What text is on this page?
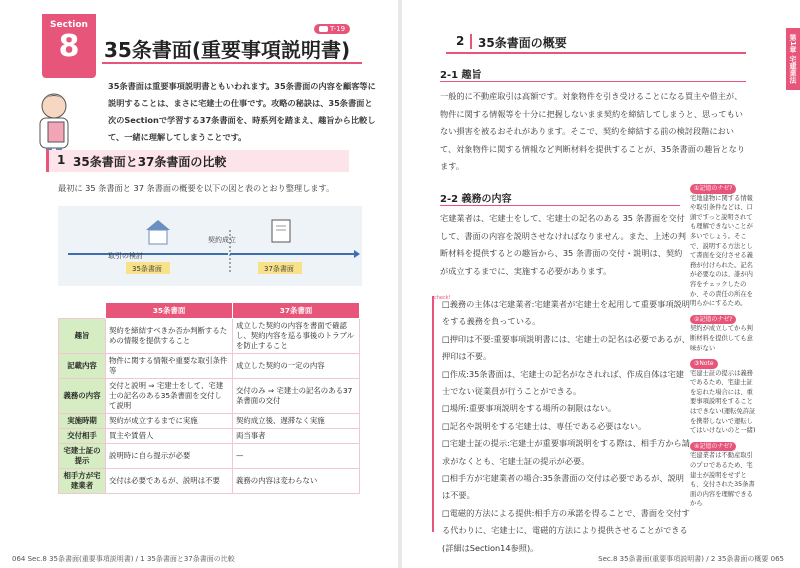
Section
8	35条書面(重要事項説明書)
T-19
35条書面は重要事項説明書ともいわれます。35条書面の内容を顧客等に説明することは、まさに宅建士の仕事です。攻略の秘訣は、35条書面と次のSectionで学習する37条書面を、時系列を踏まえ、趣旨から比較して、一緒に理解してしまうことです。
1 35条書面と37条書面の比較
最初に 35 条書面と 37 条書面の概要を以下の図と表のとおり整理します。
契約成立
取引の検討
35条書面	37条書面
	35条書面	37条書面
趣旨	契約を締結すべきか否か判断するための情報を提供すること	成立した契約の内容を書面で確認し、契約内容を巡る事後のトラブルを防止すること
記載内容	物件に関する情報や重要な取引条件等	成立した契約の一定の内容
義務の内容	交付と説明 ⇒ 宅建士をして、宅建士の記名のある35条書面を交付して説明	交付のみ ⇒ 宅建士の記名のある37条書面の交付
実施時期	契約が成立するまでに実施	契約成立後、遅滞なく実施
交付相手	買主や賃借人	両当事者
宅建士証の提示	説明時に自ら提示が必要	—
相手方が宅建業者	交付は必要であるが、説明は不要	義務の内容は変わらない
064 Sec.8 35条書面(重要事項説明書) / 1 35条書面と37条書面の比較
2 35条書面の概要
2-1 趣旨
一般的に不動産取引は高額です。対象物件を引き受けることになる買主や借主が、物件に関する情報等を十分に把握しないまま契約を締結してしまうと、思ってもいない損害を被るおそれがあります。そこで、契約を締結する前の検討段階において、対象物件に関する情報など判断材料を提供することが、35条書面の趣旨となります。
2-2 義務の内容
宅建業者は、宅建士をして、宅建士の記名のある 35 条書面を交付して、書面の内容を説明させなければなりません。また、上述の判断材料を提供するとの趣旨から、35 条書面の交付・説明は、契約が成立するまでに、実施する必要があります。
check!
□義務の主体は宅建業者:宅建業者が宅建士を起用して重要事項説明をする義務を負っている。
□押印は不要:重要事項説明書には、宅建士の記名は必要であるが、押印は不要。
□作成:35条書面は、宅建士の記名がなされれば、作成自体は宅建士でない従業員が行うことができる。
□場所:重要事項説明をする場所の制限はない。
□記名や説明をする宅建士は、専任である必要はない。
□宅建士証の提示:宅建士が重要事項説明をする際は、相手方から請求がなくとも、宅建士証の提示が必要。
□相手方が宅建業者の場合:35条書面の交付は必要であるが、説明は不要。
□電磁的方法による提供:相手方の承諾を得ることで、書面を交付する代わりに、宅建士に、電磁的方法により提供させることができる(詳細はSection14参照)。
①記憶のナゼ?
宅地建物に関する情報や取引条件などは、口頭ですっと説明されても理解できないことが多いでしょう。そこで、説明する方法として書面を交付させる義務が付けられた。記名が必要なのは、誰が内容をチェックしたのか、その責任の所在を明らかにするため。
②記憶のナゼ?
契約が成立してから判断材料を提供しても意味がない
③Note
宅建士証の提示は義務であるため、宅建士証を忘れた場合には、重要事項説明をすることはできない(運転免許証を携帯しないで運転してはいけないのと一緒)
④記憶のナゼ?
宅建業者は不動産取引のプロであるため、宅建士が説明をせずとも、交付された35条書面の内容を理解できるから
第1章 宅建業法
Sec.8 35条書面(重要事項説明書) / 2 35条書面の概要 065
